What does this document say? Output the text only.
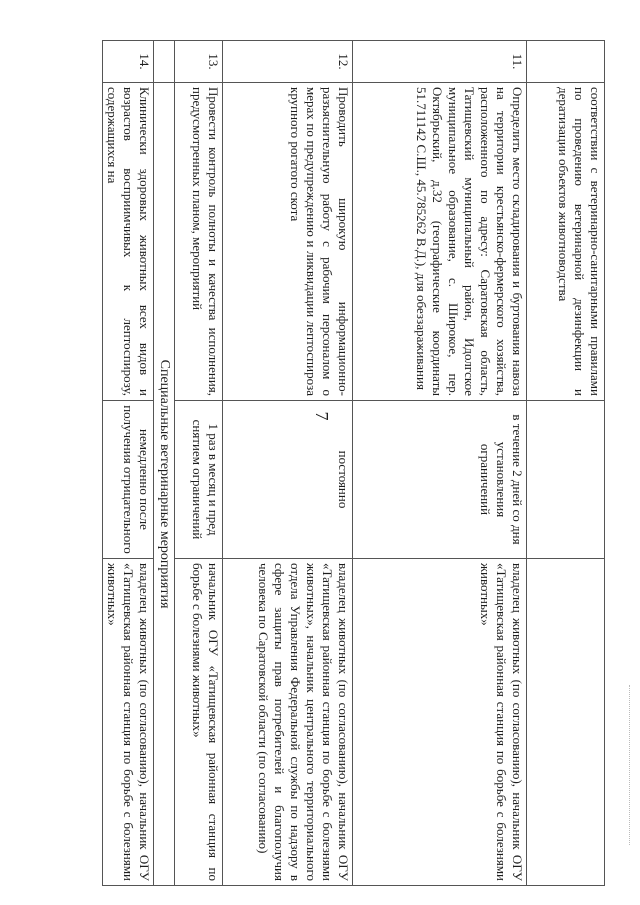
7
	соответствии с ветеринарно-санитарными правилами по проведению ветеринарной дезинфекции и дератизации объектов животноводства		
11.	Определить место складирования и буртования навоза на территории крестьянско-фермерского хозяйства, расположенного по адресу: Саратовская область, Татищевский муниципальный район, Идолгское муниципальное образование, с. Широкое, пер. Октябрьский, д.32 (географические координаты 51.711142 С.Ш., 45.785262 В.Д.), для обеззараживания	в течение 2 дней со дня установления ограничений	владелец животных (по согласованию), начальник ОГУ «Татищевская районная станция по борьбе с болезнями животных»
12.	Проводить широкую информационно-разъяснительную работу с рабочим персоналом о мерах по предупреждению и ликвидации лептоспироза крупного рогатого скота	постоянно	владелец животных (по согласованию), начальник ОГУ «Татищевская районная станция по борьбе с болезнями животных», начальник центрального территориального отдела Управления Федеральной службы по надзору в сфере защиты прав потребителей и благополучия человека по Саратовской области (по согласованию)
13.	Провести контроль полноты и качества исполнения, предусмотренных планом, мероприятий	1 раз в месяц и пред снятием ограничений	начальник ОГУ «Татищевская районная станция по борьбе с болезнями животных»
	Специальные ветеринарные мероприятия		
14.	Клинически здоровых животных всех видов и возрастов восприимчивых к лептоспирозу, содержащихся на	немедленно после получения отрицательного	владелец животных (по согласованию), начальник ОГУ «Татищевская районная станция по борьбе с болезнями животных»
